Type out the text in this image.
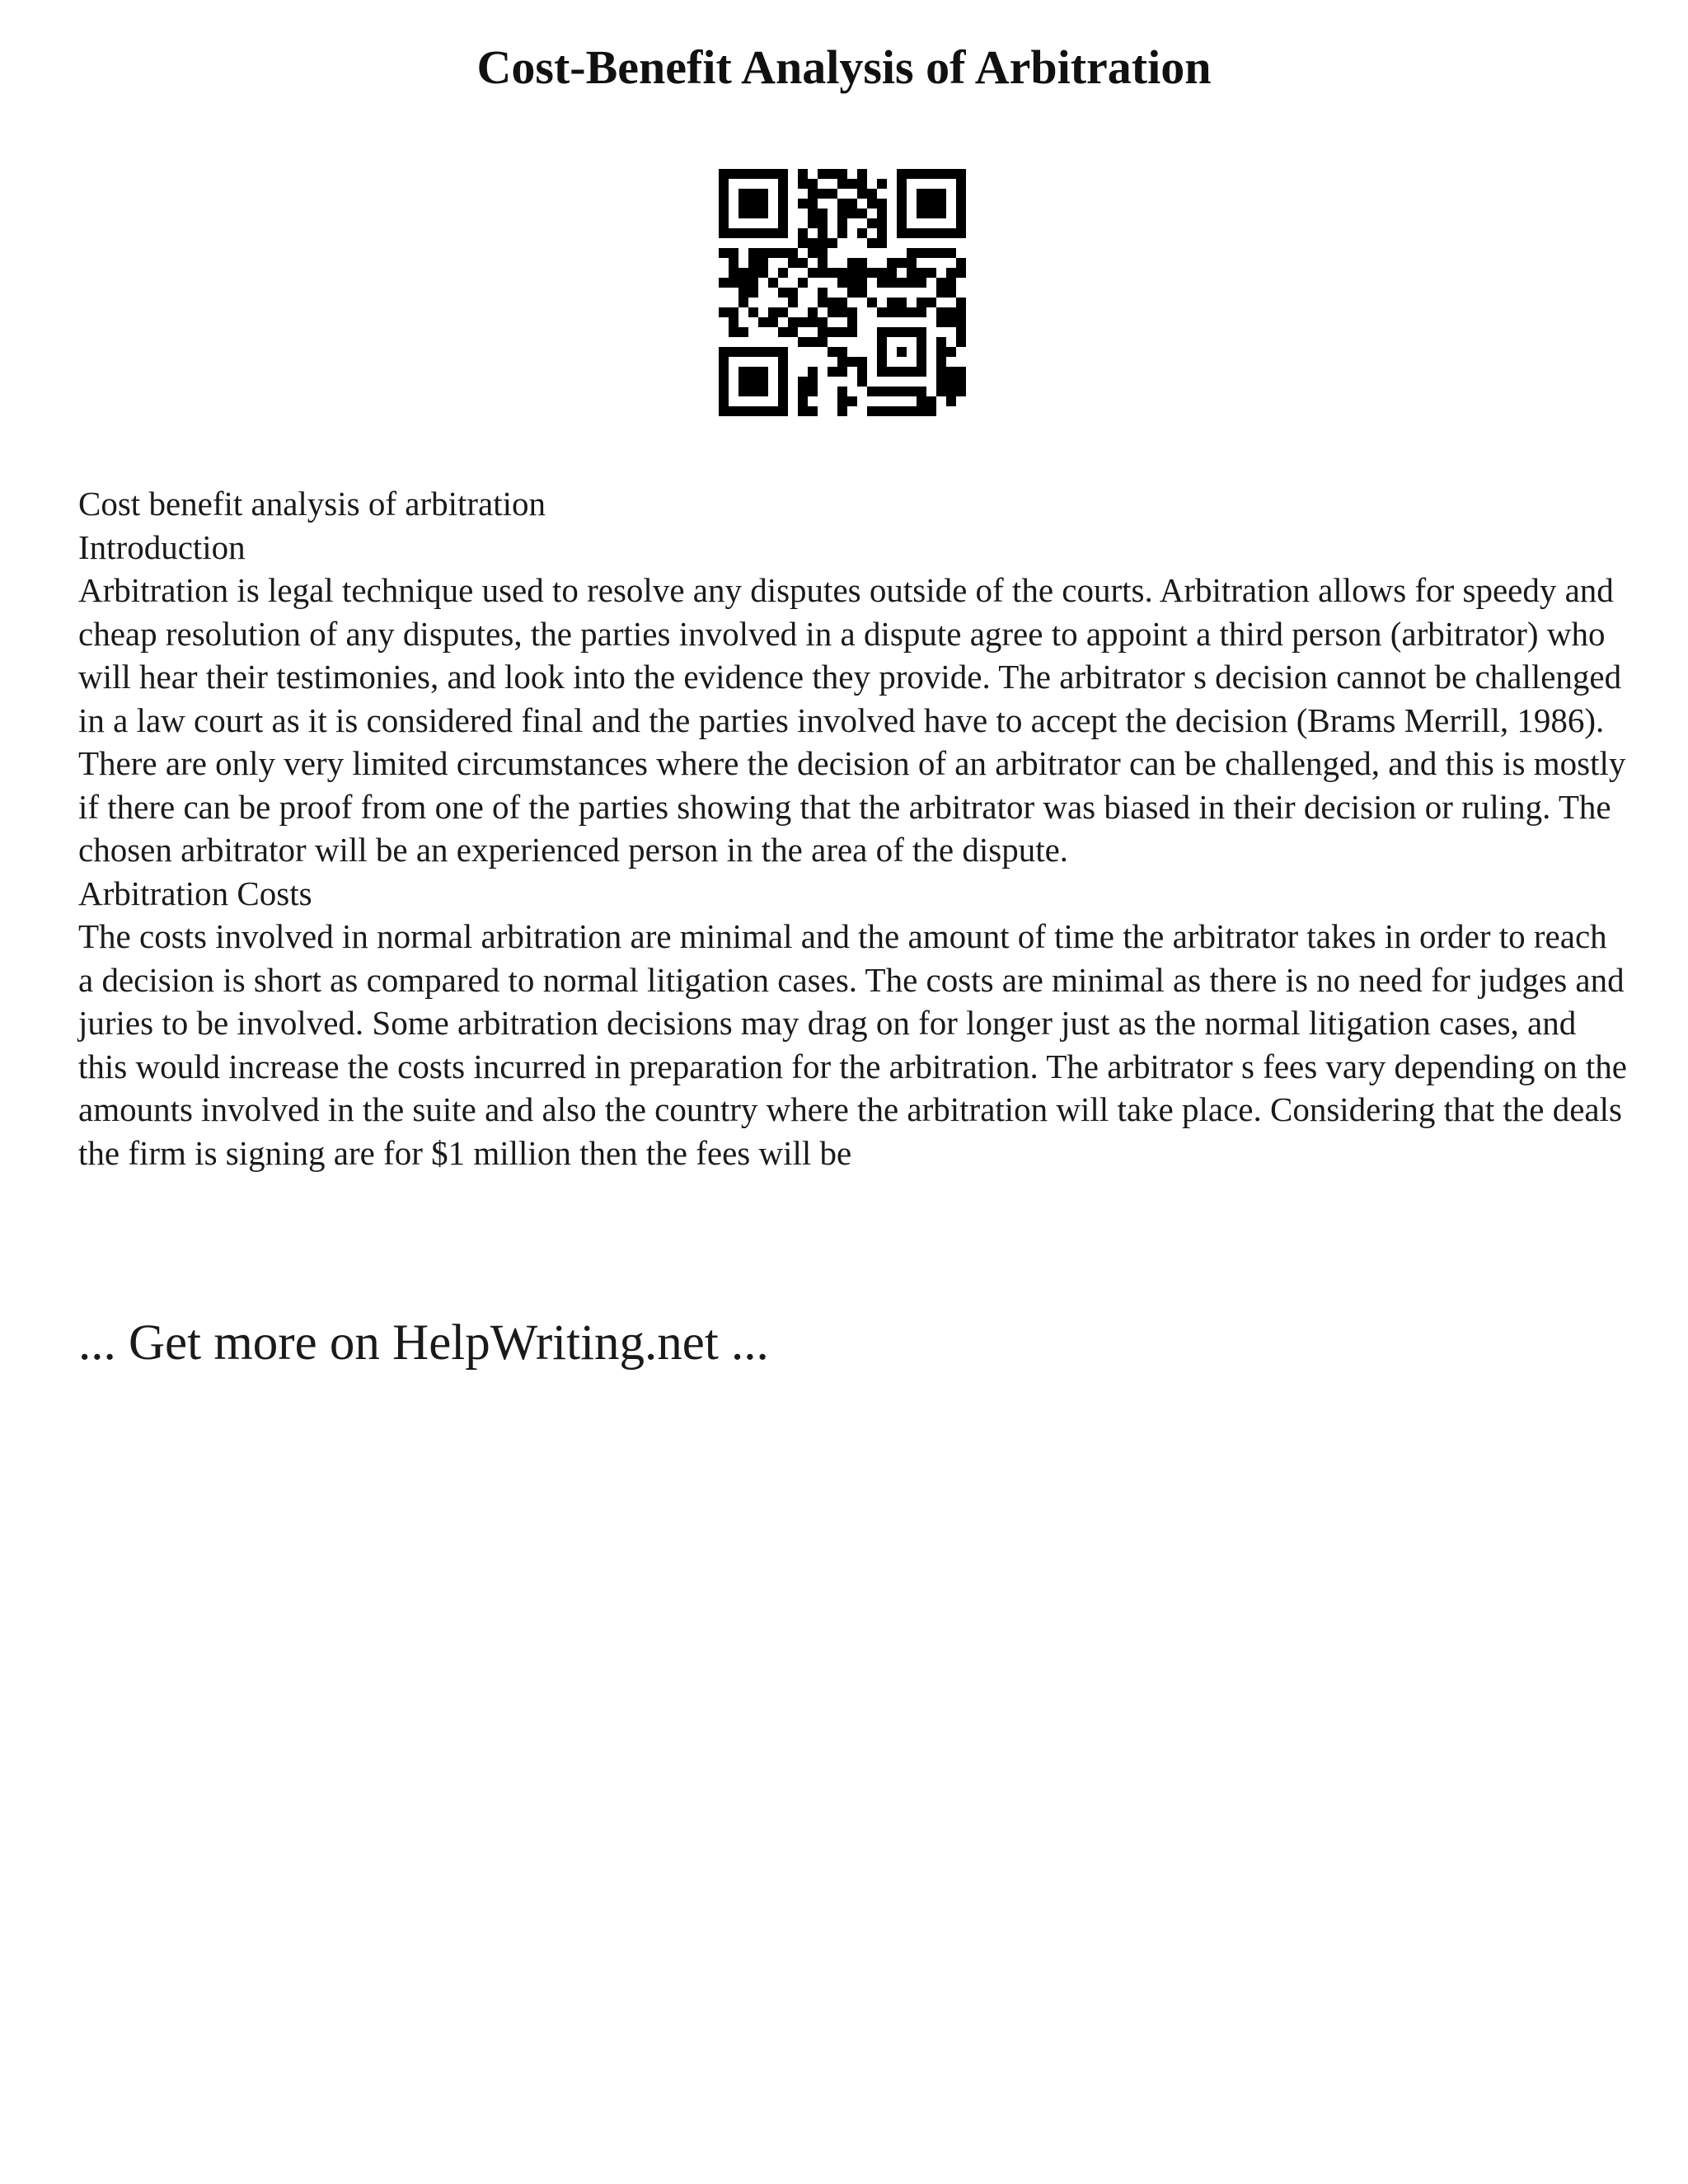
Cost-Benefit Analysis of Arbitration

Cost benefit analysis of arbitration

Introduction

Arbitration is legal technique used to resolve any disputes outside of the courts. Arbitration allows for speedy and cheap resolution of any disputes, the parties involved in a dispute agree to appoint a third person (arbitrator) who will hear their testimonies, and look into the evidence they provide. The arbitrator s decision cannot be challenged in a law court as it is considered final and the parties involved have to accept the decision (Brams Merrill, 1986). There are only very limited circumstances where the decision of an arbitrator can be challenged, and this is mostly if there can be proof from one of the parties showing that the arbitrator was biased in their decision or ruling. The chosen arbitrator will be an experienced person in the area of the dispute.

Arbitration Costs

The costs involved in normal arbitration are minimal and the amount of time the arbitrator takes in order to reach a decision is short as compared to normal litigation cases. The costs are minimal as there is no need for judges and juries to be involved. Some arbitration decisions may drag on for longer just as the normal litigation cases, and this would increase the costs incurred in preparation for the arbitration. The arbitrator s fees vary depending on the amounts involved in the suite and also the country where the arbitration will take place. Considering that the deals the firm is signing are for $1 million then the fees will be

... Get more on HelpWriting.net ...
